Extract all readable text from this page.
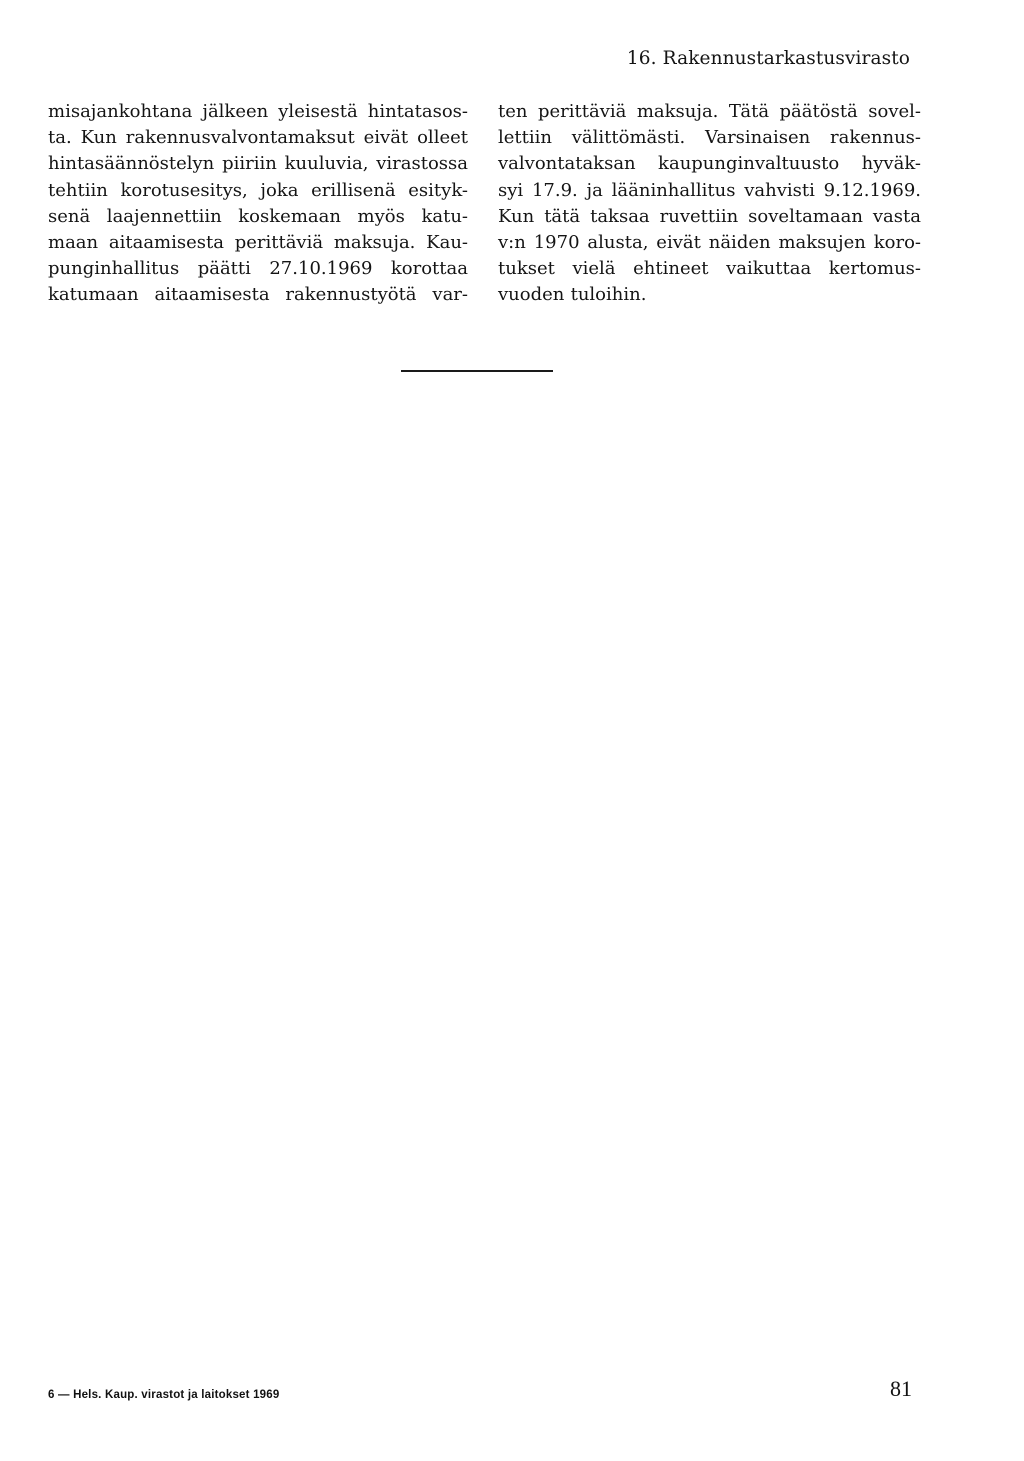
16. Rakennustarkastusvirasto
misajankohtana jälkeen yleisestä hintatasos-
ta. Kun rakennusvalvontamaksut eivät olleet
hintasäännöstelyn piiriin kuuluvia, virastossa
tehtiin korotusesitys, joka erillisenä esityk-
senä laajennettiin koskemaan myös katu-
maan aitaamisesta perittäviä maksuja. Kau-
punginhallitus päätti 27.10.1969 korottaa
katumaan aitaamisesta rakennustyötä var-
ten perittäviä maksuja. Tätä päätöstä sovel-
lettiin välittömästi. Varsinaisen rakennus-
valvontataksan kaupunginvaltuusto hyväk-
syi 17.9. ja lääninhallitus vahvisti 9.12.1969.
Kun tätä taksaa ruvettiin soveltamaan vasta
v:n 1970 alusta, eivät näiden maksujen koro-
tukset vielä ehtineet vaikuttaa kertomus-
vuoden tuloihin.
6 — Hels. Kaup. virastot ja laitokset 1969	81
